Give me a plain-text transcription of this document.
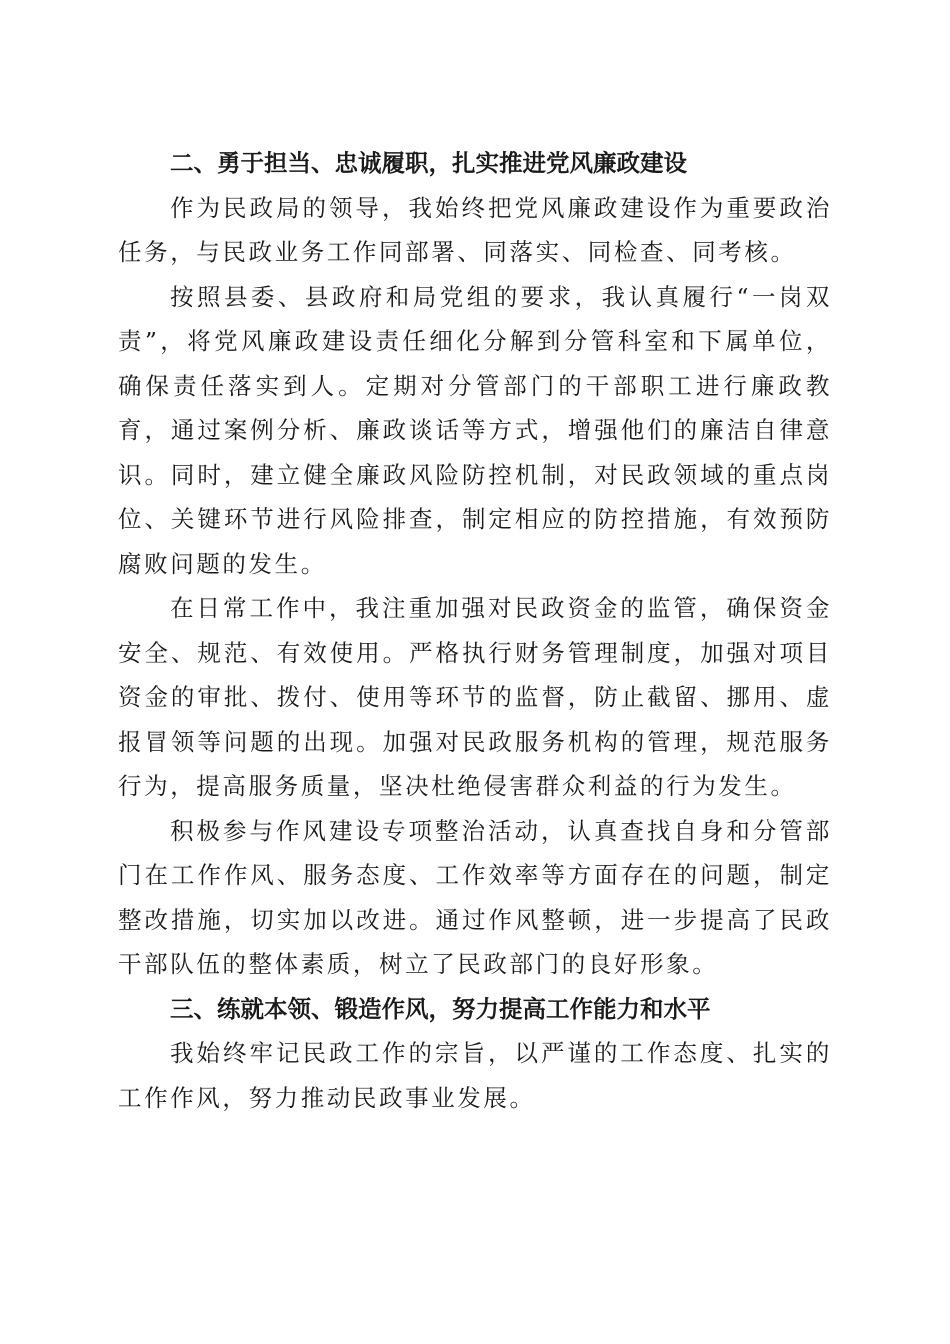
二、勇于担当、忠诚履职，扎实推进党风廉政建设

作为民政局的领导，我始终把党风廉政建设作为重要政治任务，与民政业务工作同部署、同落实、同检查、同考核。

按照县委、县政府和局党组的要求，我认真履行“一岗双责”，将党风廉政建设责任细化分解到分管科室和下属单位，确保责任落实到人。定期对分管部门的干部职工进行廉政教育，通过案例分析、廉政谈话等方式，增强他们的廉洁自律意识。同时，建立健全廉政风险防控机制，对民政领域的重点岗位、关键环节进行风险排查，制定相应的防控措施，有效预防腐败问题的发生。

在日常工作中，我注重加强对民政资金的监管，确保资金安全、规范、有效使用。严格执行财务管理制度，加强对项目资金的审批、拨付、使用等环节的监督，防止截留、挪用、虚报冒领等问题的出现。加强对民政服务机构的管理，规范服务行为，提高服务质量，坚决杜绝侵害群众利益的行为发生。

积极参与作风建设专项整治活动，认真查找自身和分管部门在工作作风、服务态度、工作效率等方面存在的问题，制定整改措施，切实加以改进。通过作风整顿，进一步提高了民政干部队伍的整体素质，树立了民政部门的良好形象。

三、练就本领、锻造作风，努力提高工作能力和水平

我始终牢记民政工作的宗旨，以严谨的工作态度、扎实的工作作风，努力推动民政事业发展。
